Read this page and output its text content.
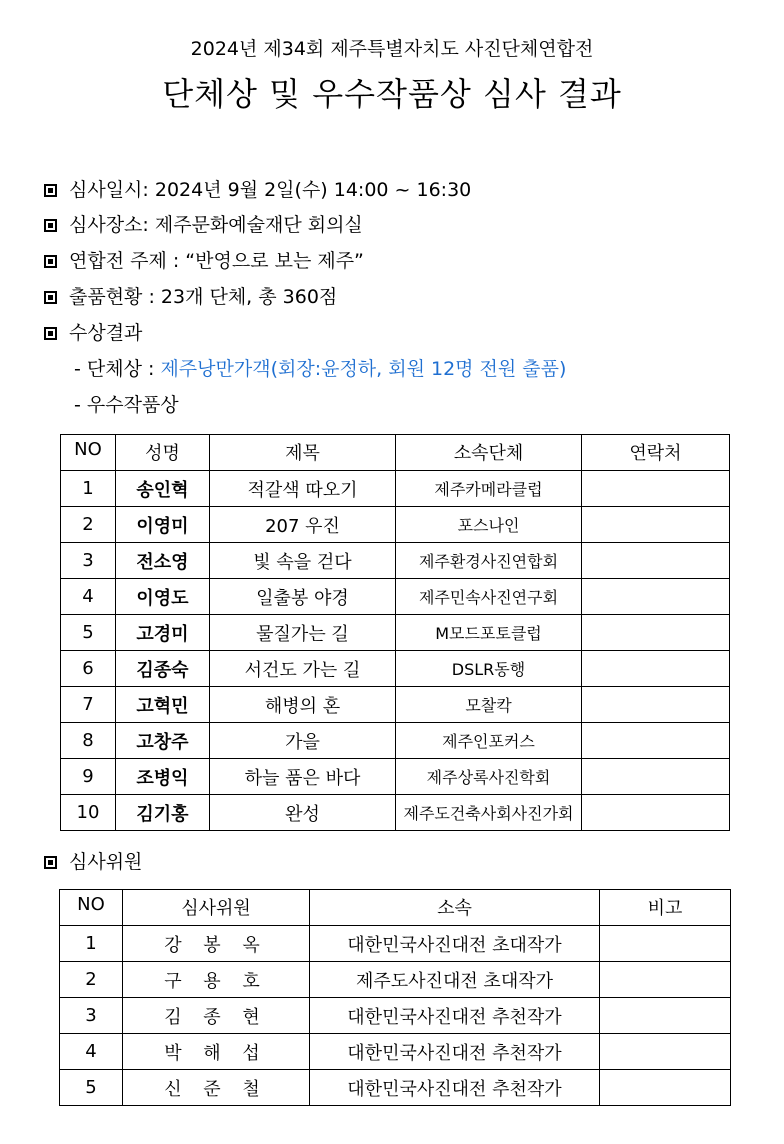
2024년 제34회 제주특별자치도 사진단체연합전
단체상 및 우수작품상 심사 결과
심사일시: 2024년 9월 2일(수) 14:00 ~ 16:30
심사장소: 제주문화예술재단 회의실
연합전 주제 : “반영으로 보는 제주”
출품현황 : 23개 단체, 총 360점
수상결과
- 단체상 : 제주낭만가객(회장:윤정하, 회원 12명 전원 출품)
- 우수작품상
NO	성명	제목	소속단체	연락처
1	송인혁	적갈색 따오기	제주카메라클럽	
2	이영미	207 우진	포스나인	
3	전소영	빛 속을 걷다	제주환경사진연합회	
4	이영도	일출봉 야경	제주민속사진연구회	
5	고경미	물질가는 길	M모드포토클럽	
6	김종숙	서건도 가는 길	DSLR동행	
7	고혁민	해병의 혼	모찰칵	
8	고창주	가을	제주인포커스	
9	조병익	하늘 품은 바다	제주상록사진학회	
10	김기홍	완성	제주도건축사회사진가회	
심사위원
NO	심사위원	소속	비고
1	강 봉 옥	대한민국사진대전 초대작가	
2	구 용 호	제주도사진대전 초대작가	
3	김 종 현	대한민국사진대전 추천작가	
4	박 해 섭	대한민국사진대전 추천작가	
5	신 준 철	대한민국사진대전 추천작가	
